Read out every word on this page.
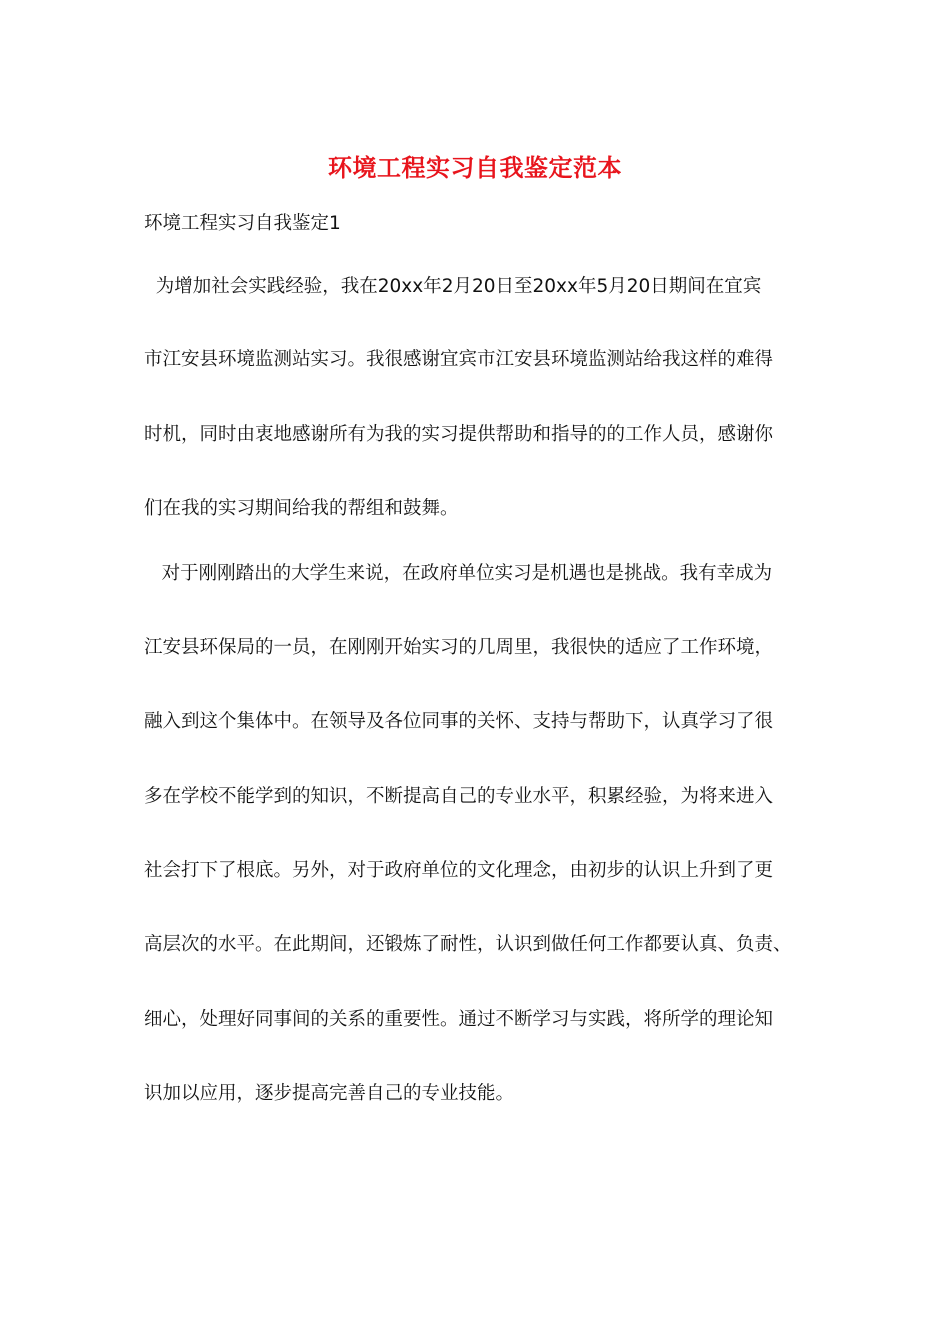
环境工程实习自我鉴定范本
环境工程实习自我鉴定1
为增加社会实践经验，我在20xx年2月20日至20xx年5月20日期间在宜宾
市江安县环境监测站实习。我很感谢宜宾市江安县环境监测站给我这样的难得
时机，同时由衷地感谢所有为我的实习提供帮助和指导的的工作人员，感谢你
们在我的实习期间给我的帮组和鼓舞。
对于刚刚踏出的大学生来说，在政府单位实习是机遇也是挑战。我有幸成为
江安县环保局的一员，在刚刚开始实习的几周里，我很快的适应了工作环境，
融入到这个集体中。在领导及各位同事的关怀、支持与帮助下，认真学习了很
多在学校不能学到的知识，不断提高自己的专业水平，积累经验，为将来进入
社会打下了根底。另外，对于政府单位的文化理念，由初步的认识上升到了更
高层次的水平。在此期间，还锻炼了耐性，认识到做任何工作都要认真、负责、
细心，处理好同事间的关系的重要性。通过不断学习与实践，将所学的理论知
识加以应用，逐步提高完善自己的专业技能。
